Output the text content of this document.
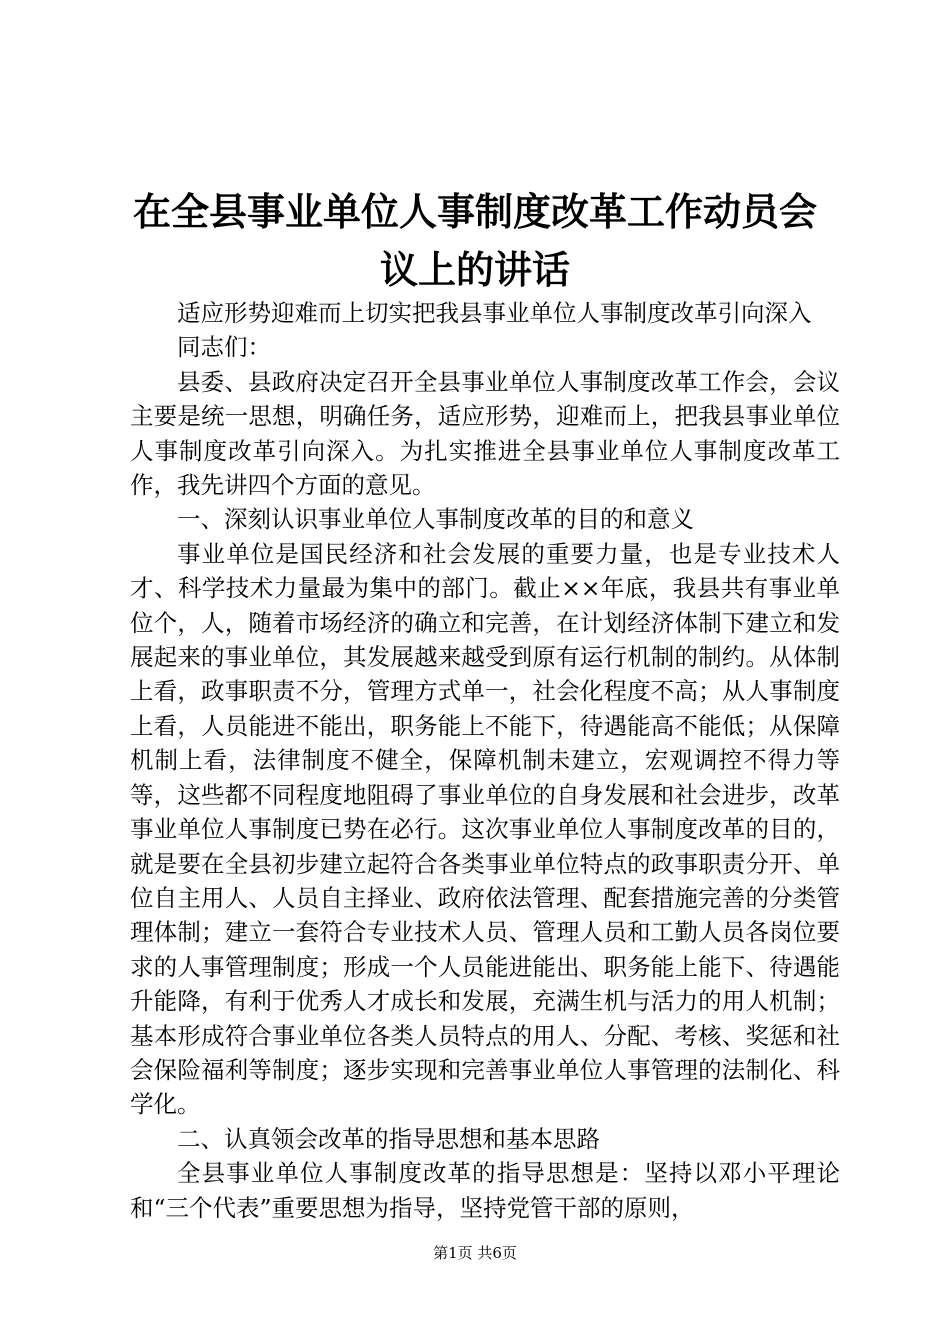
在全县事业单位人事制度改革工作动员会议上的讲话

适应形势迎难而上切实把我县事业单位人事制度改革引向深入

同志们：

县委、县政府决定召开全县事业单位人事制度改革工作会，会议主要是统一思想，明确任务，适应形势，迎难而上，把我县事业单位人事制度改革引向深入。为扎实推进全县事业单位人事制度改革工作，我先讲四个方面的意见。

一、深刻认识事业单位人事制度改革的目的和意义

事业单位是国民经济和社会发展的重要力量，也是专业技术人才、科学技术力量最为集中的部门。截止××年底，我县共有事业单位个，人，随着市场经济的确立和完善，在计划经济体制下建立和发展起来的事业单位，其发展越来越受到原有运行机制的制约。从体制上看，政事职责不分，管理方式单一，社会化程度不高；从人事制度上看，人员能进不能出，职务能上不能下，待遇能高不能低；从保障机制上看，法律制度不健全，保障机制未建立，宏观调控不得力等等，这些都不同程度地阻碍了事业单位的自身发展和社会进步，改革事业单位人事制度已势在必行。这次事业单位人事制度改革的目的，就是要在全县初步建立起符合各类事业单位特点的政事职责分开、单位自主用人、人员自主择业、政府依法管理、配套措施完善的分类管理体制；建立一套符合专业技术人员、管理人员和工勤人员各岗位要求的人事管理制度；形成一个人员能进能出、职务能上能下、待遇能升能降，有利于优秀人才成长和发展，充满生机与活力的用人机制；基本形成符合事业单位各类人员特点的用人、分配、考核、奖惩和社会保险福利等制度；逐步实现和完善事业单位人事管理的法制化、科学化。

二、认真领会改革的指导思想和基本思路

全县事业单位人事制度改革的指导思想是：坚持以邓小平理论和“三个代表”重要思想为指导，坚持党管干部的原则，

第1页 共6页
